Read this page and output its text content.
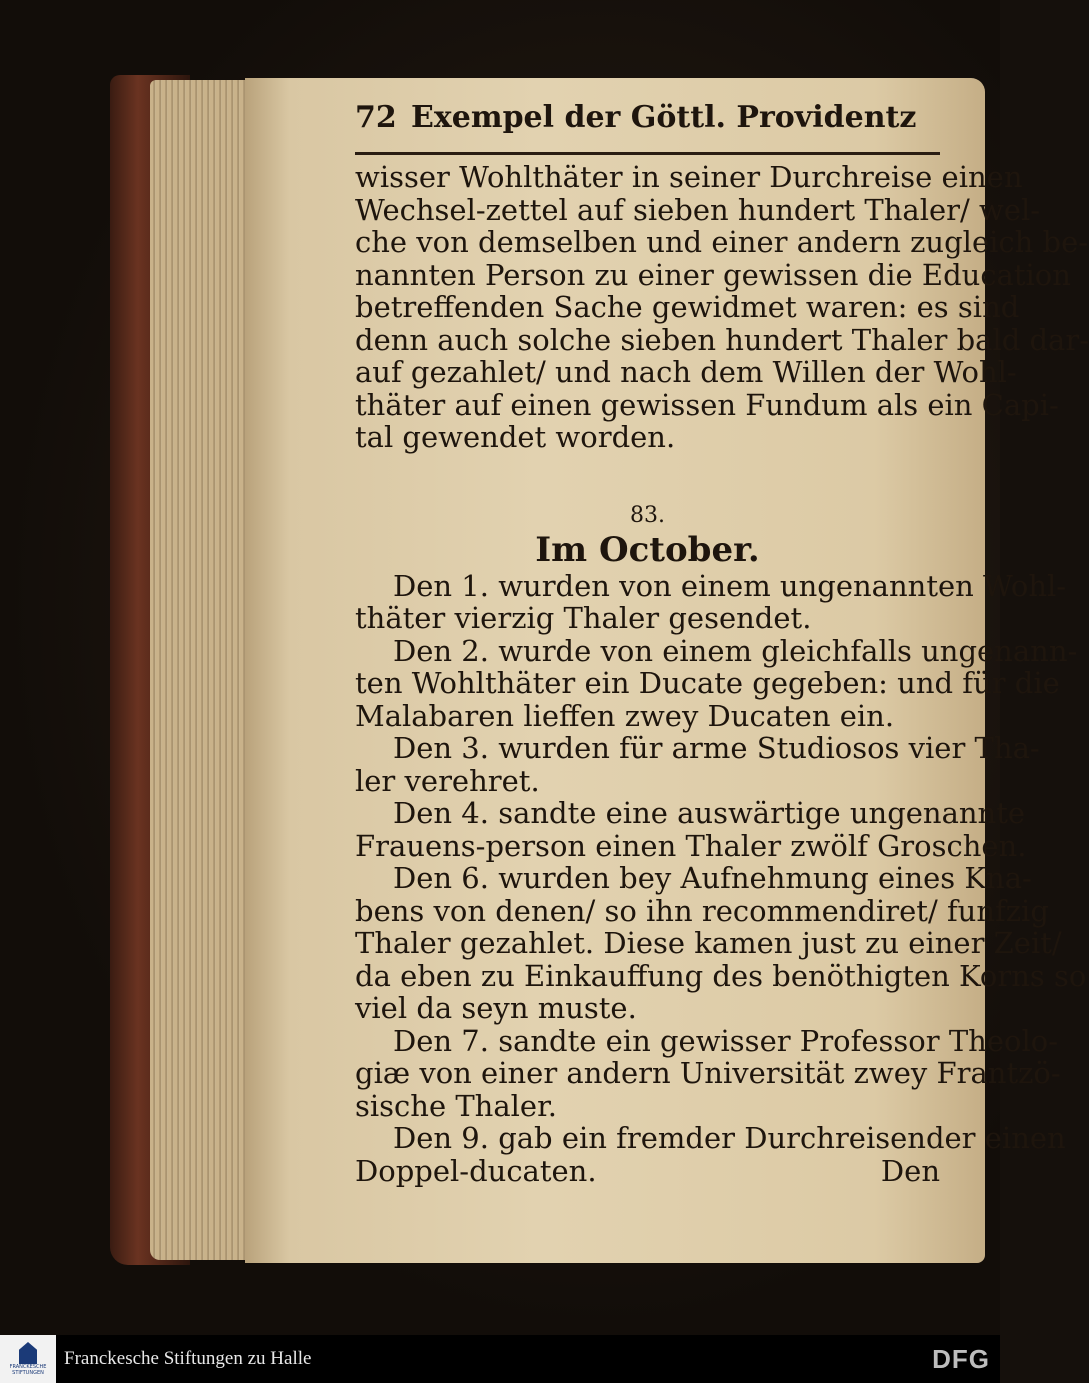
72 Exempel der Göttl. Providentz
wisser Wohlthäter in seiner Durchreise einen
Wechsel-zettel auf sieben hundert Thaler/ wel-
che von demselben und einer andern zugleich be-
nannten Person zu einer gewissen die Education
betreffenden Sache gewidmet waren: es sind
denn auch solche sieben hundert Thaler bald dar-
auf gezahlet/ und nach dem Willen der Wohl-
thäter auf einen gewissen Fundum als ein Capi-
tal gewendet worden.
83.
Im October.
Den 1. wurden von einem ungenannten Wohl-
thäter vierzig Thaler gesendet.
Den 2. wurde von einem gleichfalls ungenann-
ten Wohlthäter ein Ducate gegeben: und für die
Malabaren lieffen zwey Ducaten ein.
Den 3. wurden für arme Studiosos vier Tha-
ler verehret.
Den 4. sandte eine auswärtige ungenannte
Frauens-person einen Thaler zwölf Groschen.
Den 6. wurden bey Aufnehmung eines Kna-
bens von denen/ so ihn recommendiret/ funfzig
Thaler gezahlet. Diese kamen just zu einer Zeit/
da eben zu Einkauffung des benöthigten Korns so
viel da seyn muste.
Den 7. sandte ein gewisser Professor Theolo-
giæ von einer andern Universität zwey Frantzö-
sische Thaler.
Den 9. gab ein fremder Durchreisender einen
Doppel-ducaten.	Den
FRANCKESCHE
STIFTUNGEN
Franckesche Stiftungen zu Halle	DFG
